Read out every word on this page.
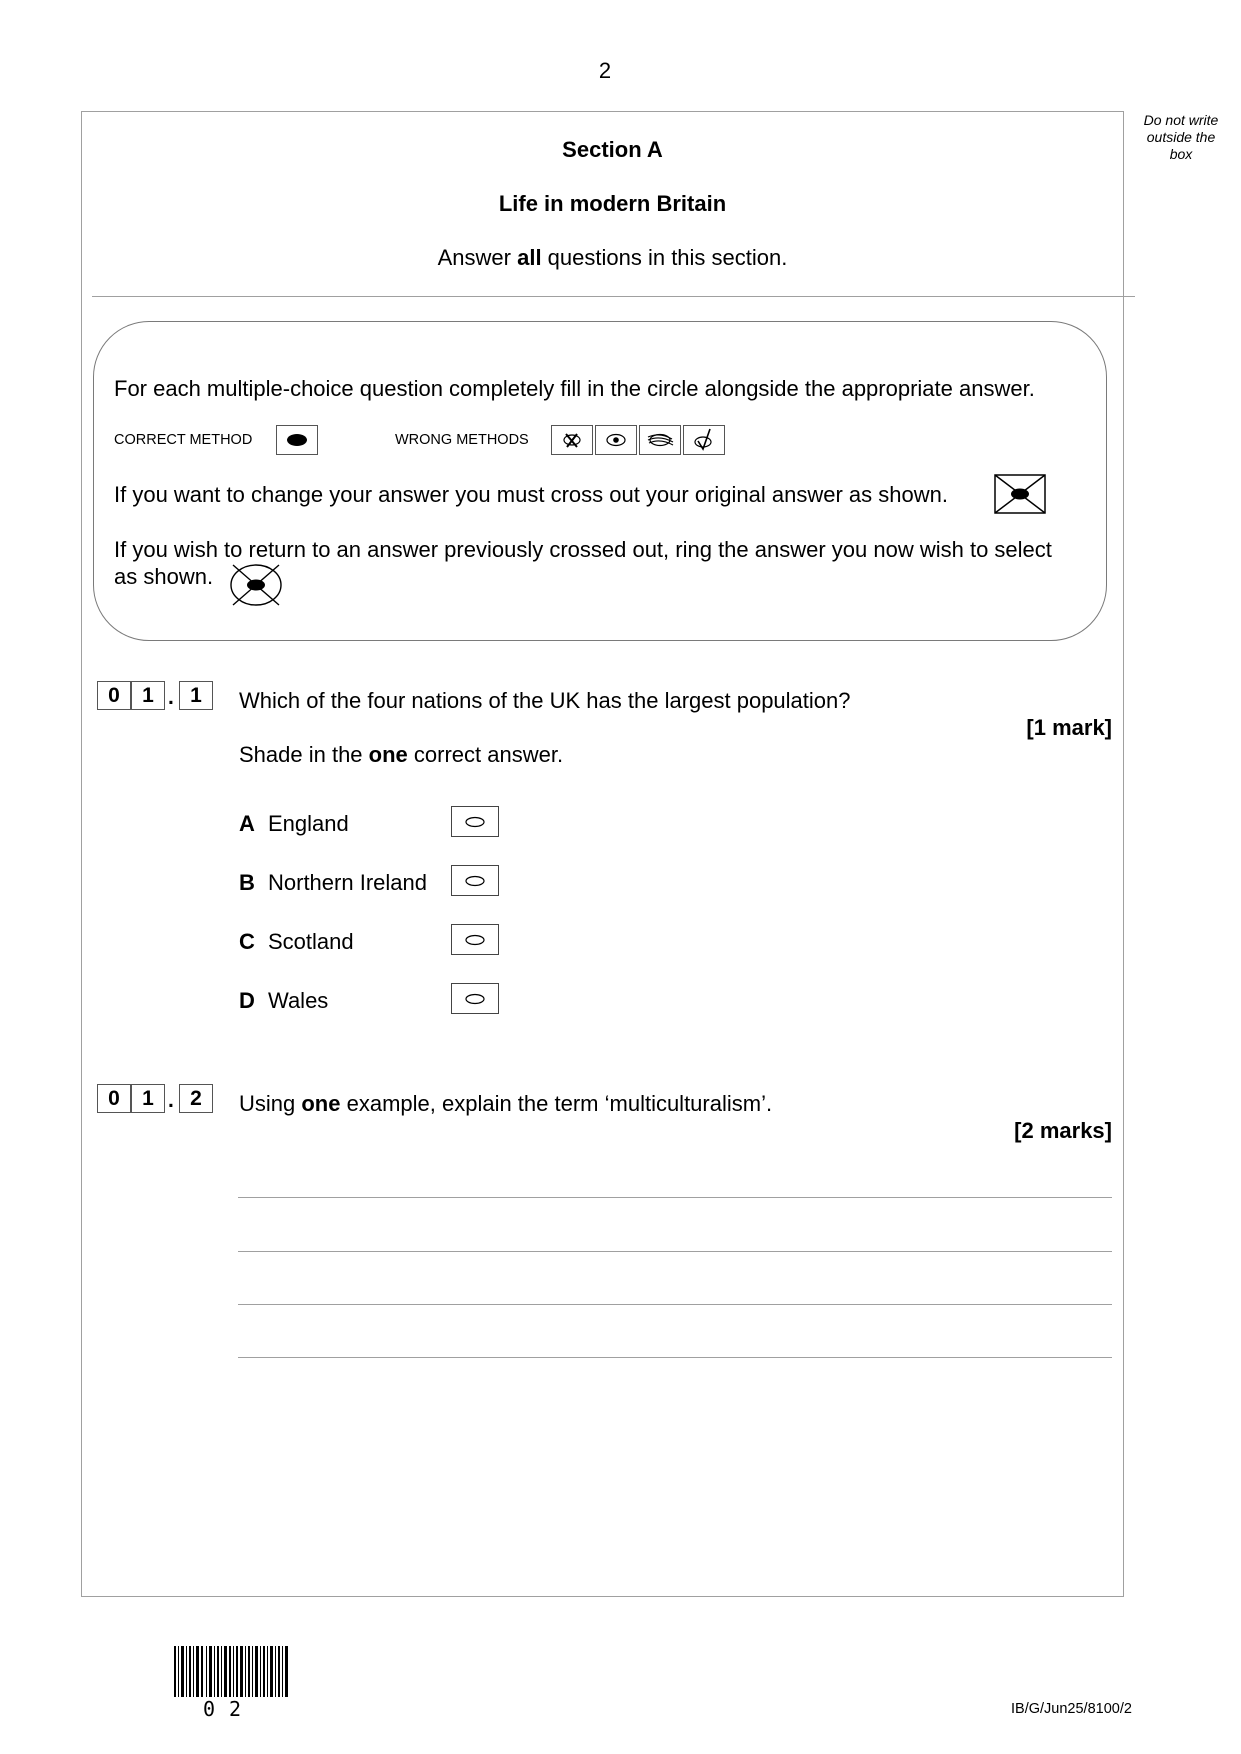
2
Do not write
outside the
box
Section A
Life in modern Britain
Answer all questions in this section.
For each multiple-choice question completely fill in the circle alongside the appropriate answer.
CORRECT METHOD	WRONG METHODS
If you want to change your answer you must cross out your original answer as shown.
If you wish to return to an answer previously crossed out, ring the answer you now wish to select
as shown.
0	1 . 1	Which of the four nations of the UK has the largest population?
[1 mark]
Shade in the one correct answer.
A England
B Northern Ireland
C Scotland
D Wales
0	1 . 2	Using one example, explain the term ‘multiculturalism’.
[2 marks]
02	IB/G/Jun25/8100/2
